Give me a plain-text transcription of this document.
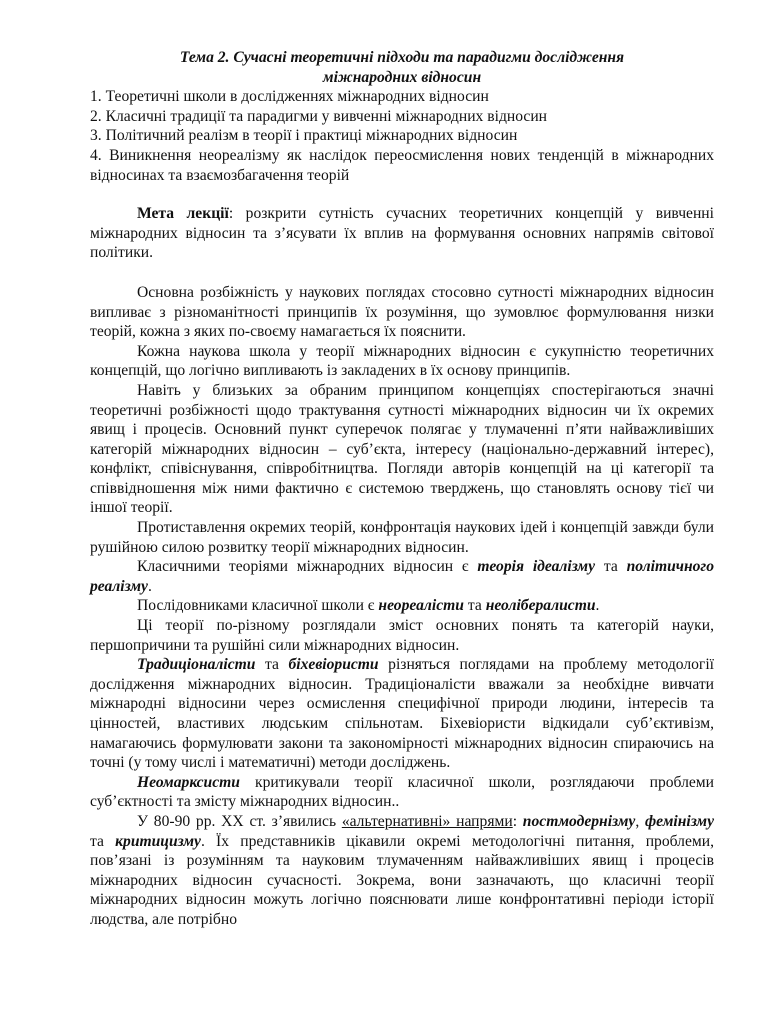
Тема 2. Сучасні теоретичні підходи та парадигми дослідження
міжнародних відносин
1. Теоретичні школи в дослідженнях міжнародних відносин
2. Класичні традиції та парадигми у вивченні міжнародних відносин
3. Політичний реалізм в теорії і практиці міжнародних відносин
4. Виникнення неореалізму як наслідок переосмислення нових тенденцій в міжнародних відносинах та взаємозбагачення теорій

Мета лекції: розкрити сутність сучасних теоретичних концепцій у вивченні міжнародних відносин та з’ясувати їх вплив на формування основних напрямів світової політики.

Основна розбіжність у наукових поглядах стосовно сутності міжнародних відносин випливає з різноманітності принципів їх розуміння, що зумовлює формулювання низки теорій, кожна з яких по-своєму намагається їх пояснити.

Кожна наукова школа у теорії міжнародних відносин є сукупністю теоретичних концепцій, що логічно випливають із закладених в їх основу принципів.

Навіть у близьких за обраним принципом концепціях спостерігаються значні теоретичні розбіжності щодо трактування сутності міжнародних відносин чи їх окремих явищ і процесів. Основний пункт суперечок полягає у тлумаченні п’яти найважливіших категорій міжнародних відносин – суб’єкта, інтересу (національно-державний інтерес), конфлікт, співіснування, співробітництва. Погляди авторів концепцій на ці категорії та співвідношення між ними фактично є системою тверджень, що становлять основу тієї чи іншої теорії.

Протиставлення окремих теорій, конфронтація наукових ідей і концепцій завжди були рушійною силою розвитку теорії міжнародних відносин.

Класичними теоріями міжнародних відносин є теорія ідеалізму та політичного реалізму.

Послідовниками класичної школи є неореалісти та неолібералисти.

Ці теорії по-різному розглядали зміст основних понять та категорій науки, першопричини та рушійні сили міжнародних відносин.

Традиціоналісти та біхевіористи різняться поглядами на проблему методології дослідження міжнародних відносин. Традиціоналісти вважали за необхідне вивчати міжнародні відносини через осмислення специфічної природи людини, інтересів та цінностей, властивих людським спільнотам. Біхевіористи відкидали суб’єктивізм, намагаючись формулювати закони та закономірності міжнародних відносин спираючись на точні (у тому числі і математичні) методи досліджень.

Неомарксисти критикували теорії класичної школи, розглядаючи проблеми суб’єктності та змісту міжнародних відносин..

У 80-90 рр. XX ст. з’явились «альтернативні» напрями: постмодернізму, фемінізму та критицизму. Їх представників цікавили окремі методологічні питання, проблеми, пов’язані із розумінням та науковим тлумаченням найважливіших явищ і процесів міжнародних відносин сучасності. Зокрема, вони зазначають, що класичні теорії міжнародних відносин можуть логічно пояснювати лише конфронтативні періоди історії людства, але потрібно
